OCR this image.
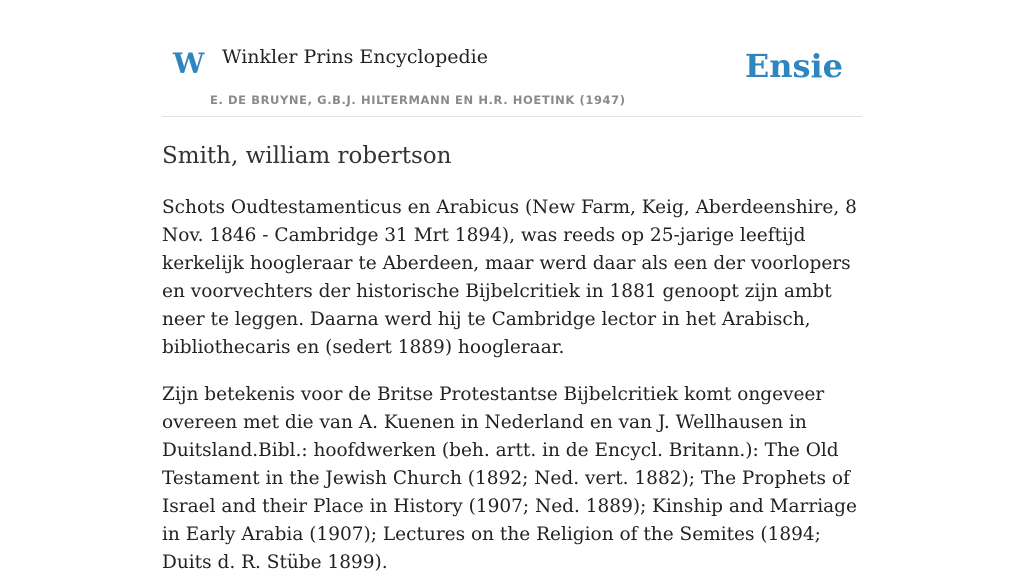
W Winkler Prins Encyclopedie
E. DE BRUYNE, G.B.J. HILTERMANN EN H.R. HOETINK (1947)
Ensie
Smith, william robertson

Schots Oudtestamenticus en Arabicus (New Farm, Keig, Aberdeenshire, 8 Nov. 1846 - Cambridge 31 Mrt 1894), was reeds op 25-jarige leeftijd kerkelijk hoogleraar te Aberdeen, maar werd daar als een der voorlopers en voorvechters der historische Bijbelcritiek in 1881 genoopt zijn ambt neer te leggen. Daarna werd hij te Cambridge lector in het Arabisch, bibliothecaris en (sedert 1889) hoogleraar.

Zijn betekenis voor de Britse Protestantse Bijbelcritiek komt ongeveer overeen met die van A. Kuenen in Nederland en van J. Wellhausen in Duitsland.Bibl.: hoofdwerken (beh. artt. in de Encycl. Britann.): The Old Testament in the Jewish Church (1892; Ned. vert. 1882); The Prophets of Israel and their Place in History (1907; Ned. 1889); Kinship and Marriage in Early Arabia (1907); Lectures on the Religion of the Semites (1894; Duits d. R. Stübe 1899).
